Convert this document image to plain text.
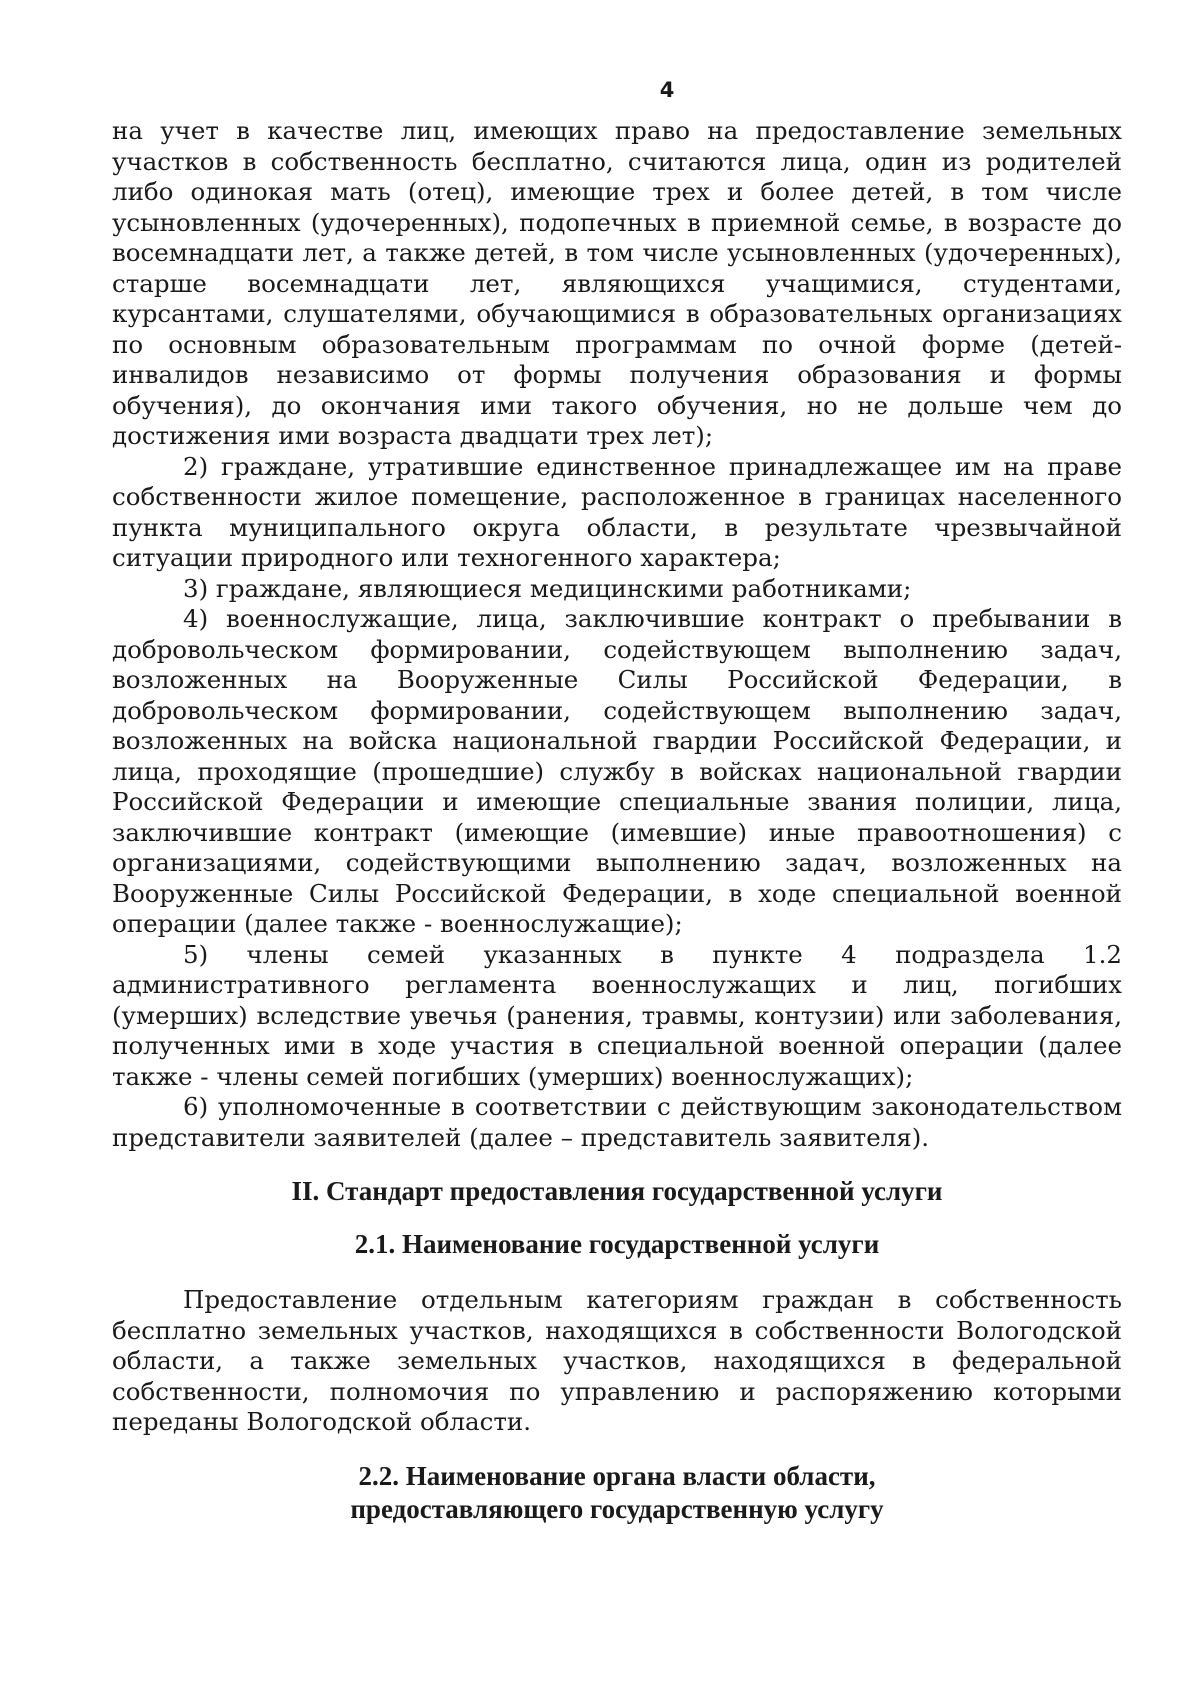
4

на учет в качестве лиц, имеющих право на предоставление земельных участков в собственность бесплатно, считаются лица, один из родителей либо одинокая мать (отец), имеющие трех и более детей, в том числе усыновленных (удочеренных), подопечных в приемной семье, в возрасте до восемнадцати лет, а также детей, в том числе усыновленных (удочеренных), старше восемнадцати лет, являющихся учащимися, студентами, курсантами, слушателями, обучающимися в образовательных организациях по основным образовательным программам по очной форме (детей-инвалидов независимо от формы получения образования и формы обучения), до окончания ими такого обучения, но не дольше чем до достижения ими возраста двадцати трех лет);

2) граждане, утратившие единственное принадлежащее им на праве собственности жилое помещение, расположенное в границах населенного пункта муниципального округа области, в результате чрезвычайной ситуации природного или техногенного характера;

3) граждане, являющиеся медицинскими работниками;

4) военнослужащие, лица, заключившие контракт о пребывании в добровольческом формировании, содействующем выполнению задач, возложенных на Вооруженные Силы Российской Федерации, в добровольческом формировании, содействующем выполнению задач, возложенных на войска национальной гвардии Российской Федерации, и лица, проходящие (прошедшие) службу в войсках национальной гвардии Российской Федерации и имеющие специальные звания полиции, лица, заключившие контракт (имеющие (имевшие) иные правоотношения) с организациями, содействующими выполнению задач, возложенных на Вооруженные Силы Российской Федерации, в ходе специальной военной операции (далее также - военнослужащие);

5) члены семей указанных в пункте 4 подраздела 1.2 административного регламента военнослужащих и лиц, погибших (умерших) вследствие увечья (ранения, травмы, контузии) или заболевания, полученных ими в ходе участия в специальной военной операции (далее также - члены семей погибших (умерших) военнослужащих);

6) уполномоченные в соответствии с действующим законодательством представители заявителей (далее – представитель заявителя).

II. Стандарт предоставления государственной услуги
2.1. Наименование государственной услуги

Предоставление отдельным категориям граждан в собственность бесплатно земельных участков, находящихся в собственности Вологодской области, а также земельных участков, находящихся в федеральной собственности, полномочия по управлению и распоряжению которыми переданы Вологодской области.

2.2. Наименование органа власти области,
предоставляющего государственную услугу
